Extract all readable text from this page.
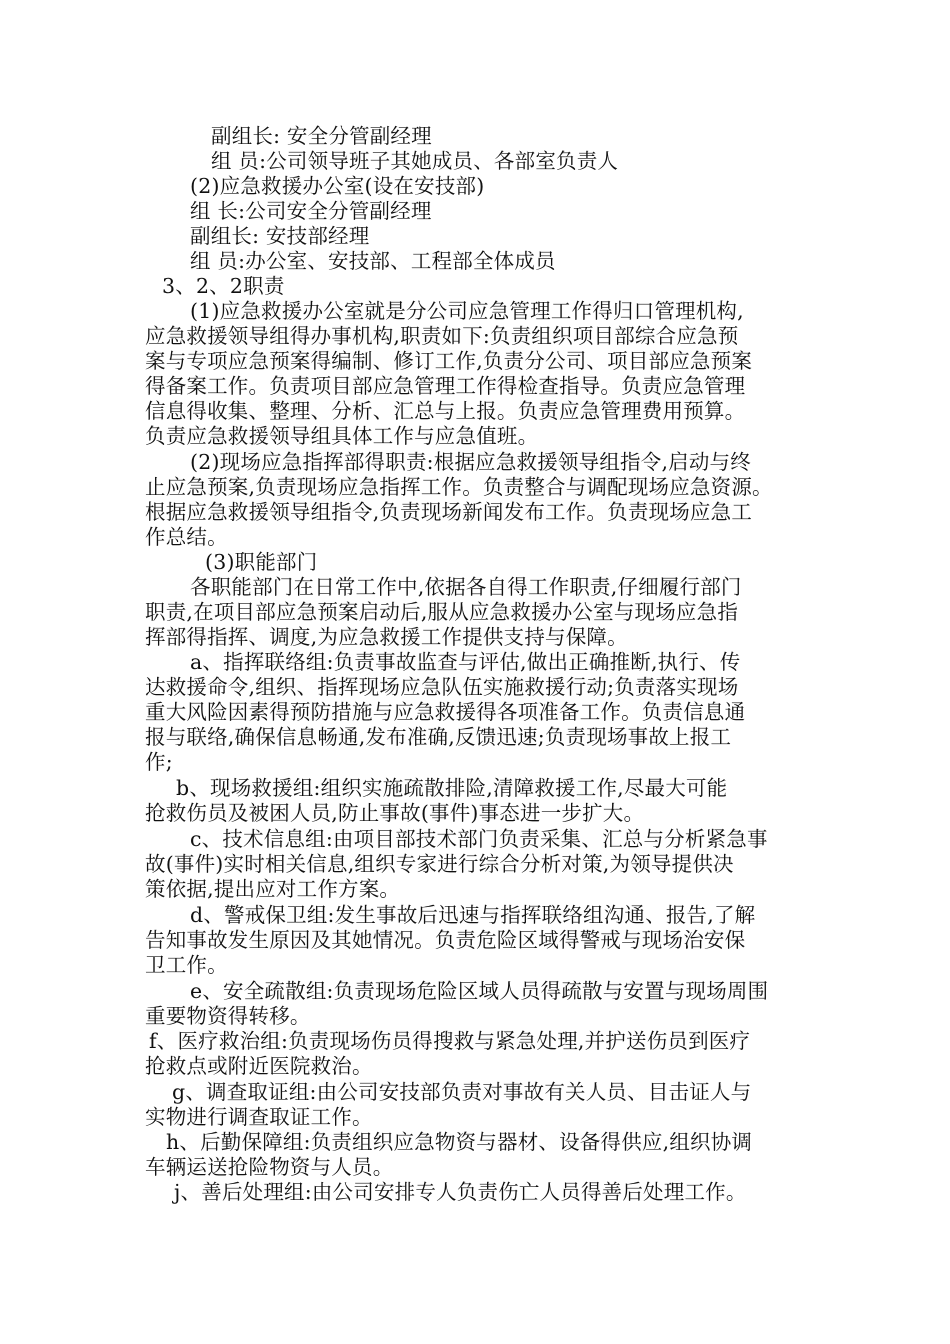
副组长: 安全分管副经理
组 员:公司领导班子其她成员、各部室负责人
(2)应急救援办公室(设在安技部)
组 长:公司安全分管副经理
副组长: 安技部经理
组 员:办公室、安技部、工程部全体成员
3、2、2职责
(1)应急救援办公室就是分公司应急管理工作得归口管理机构,
应急救援领导组得办事机构,职责如下:负责组织项目部综合应急预
案与专项应急预案得编制、修订工作,负责分公司、项目部应急预案
得备案工作。负责项目部应急管理工作得检查指导。负责应急管理
信息得收集、整理、分析、汇总与上报。负责应急管理费用预算。
负责应急救援领导组具体工作与应急值班。
(2)现场应急指挥部得职责:根据应急救援领导组指令,启动与终
止应急预案,负责现场应急指挥工作。负责整合与调配现场应急资源。
根据应急救援领导组指令,负责现场新闻发布工作。负责现场应急工
作总结。
(3)职能部门
各职能部门在日常工作中,依据各自得工作职责,仔细履行部门
职责,在项目部应急预案启动后,服从应急救援办公室与现场应急指
挥部得指挥、调度,为应急救援工作提供支持与保障。
a、指挥联络组:负责事故监查与评估,做出正确推断,执行、传
达救援命令,组织、指挥现场应急队伍实施救援行动;负责落实现场
重大风险因素得预防措施与应急救援得各项准备工作。负责信息通
报与联络,确保信息畅通,发布准确,反馈迅速;负责现场事故上报工
作;
b、现场救援组:组织实施疏散排险,清障救援工作,尽最大可能
抢救伤员及被困人员,防止事故(事件)事态进一步扩大。
c、技术信息组:由项目部技术部门负责采集、汇总与分析紧急事
故(事件)实时相关信息,组织专家进行综合分析对策,为领导提供决
策依据,提出应对工作方案。
d、警戒保卫组:发生事故后迅速与指挥联络组沟通、报告,了解
告知事故发生原因及其她情况。负责危险区域得警戒与现场治安保
卫工作。
e、安全疏散组:负责现场危险区域人员得疏散与安置与现场周围
重要物资得转移。
f、医疗救治组:负责现场伤员得搜救与紧急处理,并护送伤员到医疗
抢救点或附近医院救治。
g、调查取证组:由公司安技部负责对事故有关人员、目击证人与
实物进行调查取证工作。
h、后勤保障组:负责组织应急物资与器材、设备得供应,组织协调
车辆运送抢险物资与人员。
j、善后处理组:由公司安排专人负责伤亡人员得善后处理工作。
